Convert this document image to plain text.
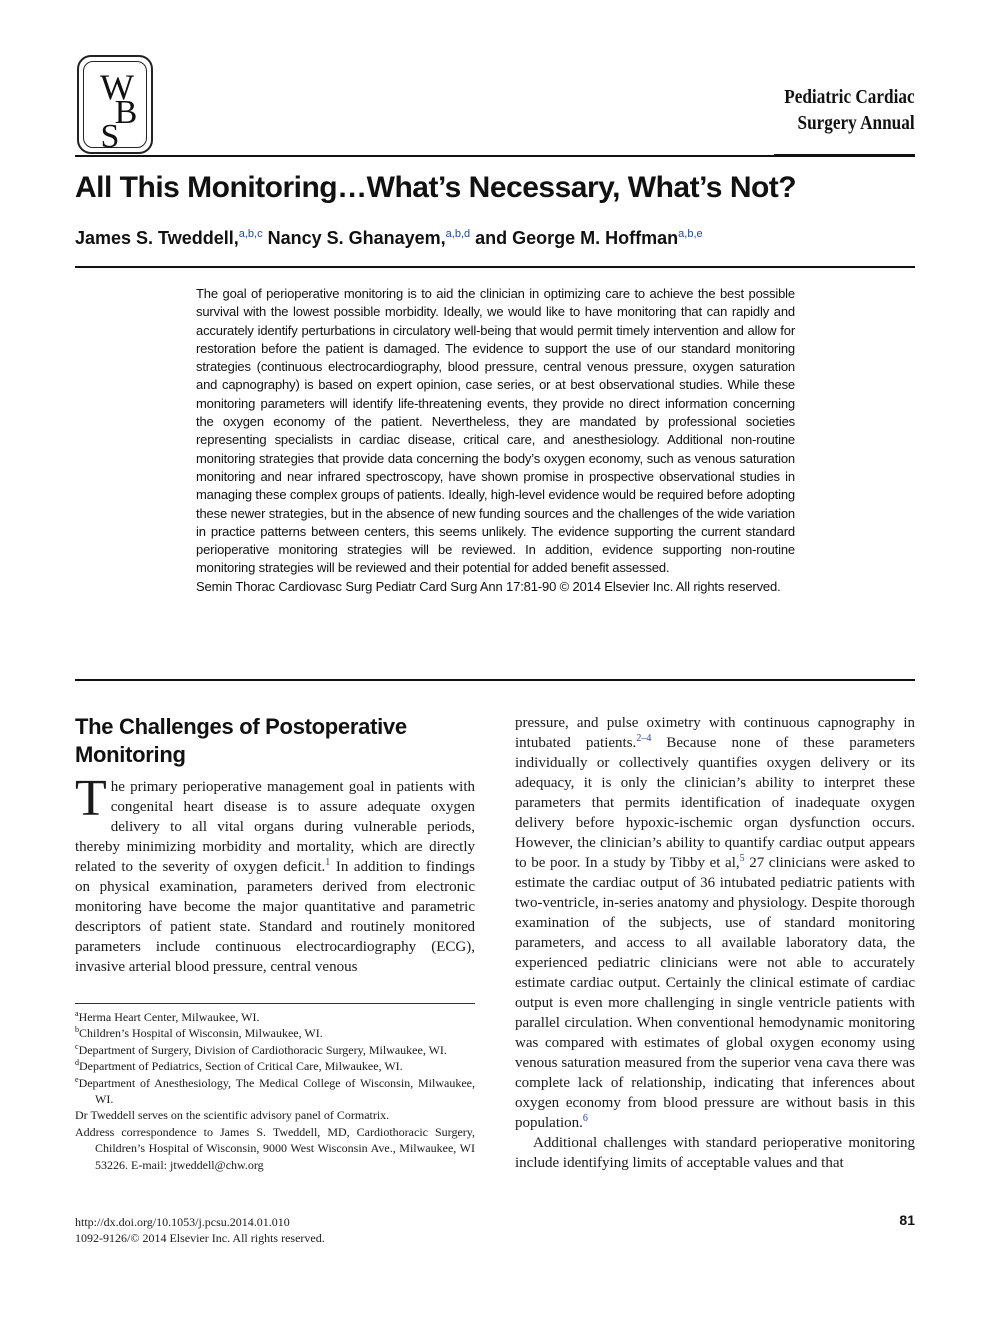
W
B
S
Pediatric Cardiac
Surgery Annual
All This Monitoring…What’s Necessary, What’s Not?
James S. Tweddell,$^{a,b,c}$ Nancy S. Ghanayem,$^{a,b,d}$ and George M. Hoffman$^{a,b,e}$

The goal of perioperative monitoring is to aid the clinician in optimizing care to achieve the best possible survival with the lowest possible morbidity. Ideally, we would like to have monitoring that can rapidly and accurately identify perturbations in circulatory well-being that would permit timely intervention and allow for restoration before the patient is damaged. The evidence to support the use of our standard monitoring strategies (continuous electrocardiography, blood pressure, central venous pressure, oxygen saturation and capnography) is based on expert opinion, case series, or at best observational studies. While these monitoring parameters will identify life-threatening events, they provide no direct information concerning the oxygen economy of the patient. Nevertheless, they are mandated by professional societies representing specialists in cardiac disease, critical care, and anesthesiology. Additional non-routine monitoring strategies that provide data concerning the body’s oxygen economy, such as venous saturation monitoring and near infrared spectroscopy, have shown promise in prospective observational studies in managing these complex groups of patients. Ideally, high-level evidence would be required before adopting these newer strategies, but in the absence of new funding sources and the challenges of the wide variation in practice patterns between centers, this seems unlikely. The evidence supporting the current standard perioperative monitoring strategies will be reviewed. In addition, evidence supporting non-routine monitoring strategies will be reviewed and their potential for added benefit assessed.

Semin Thorac Cardiovasc Surg Pediatr Card Surg Ann 17:81-90 © 2014 Elsevier Inc. All rights reserved.

The Challenges of Postoperative Monitoring

The primary perioperative management goal in patients with congenital heart disease is to assure adequate oxygen delivery to all vital organs during vulnerable periods, thereby minimizing morbidity and mortality, which are directly related to the severity of oxygen deficit.$^1$ In addition to findings on physical examination, parameters derived from electronic monitoring have become the major quantitative and parametric descriptors of patient state. Standard and routinely monitored parameters include continuous electrocardiography (ECG), invasive arterial blood pressure, central venous

pressure, and pulse oximetry with continuous capnography in intubated patients.$^{2-4}$ Because none of these parameters individually or collectively quantifies oxygen delivery or its adequacy, it is only the clinician’s ability to interpret these parameters that permits identification of inadequate oxygen delivery before hypoxic-ischemic organ dysfunction occurs. However, the clinician’s ability to quantify cardiac output appears to be poor. In a study by Tibby et al,$^5$ 27 clinicians were asked to estimate the cardiac output of 36 intubated pediatric patients with two-ventricle, in-series anatomy and physiology. Despite thorough examination of the subjects, use of standard monitoring parameters, and access to all available laboratory data, the experienced pediatric clinicians were not able to accurately estimate cardiac output. Certainly the clinical estimate of cardiac output is even more challenging in single ventricle patients with parallel circulation. When conventional hemodynamic monitoring was compared with estimates of global oxygen economy using venous saturation measured from the superior vena cava there was complete lack of relationship, indicating that inferences about oxygen economy from blood pressure are without basis in this population.$^6$

Additional challenges with standard perioperative monitoring include identifying limits of acceptable values and that

$^a$Herma Heart Center, Milwaukee, WI.

$^b$Children’s Hospital of Wisconsin, Milwaukee, WI.

$^c$Department of Surgery, Division of Cardiothoracic Surgery, Milwaukee, WI.

$^d$Department of Pediatrics, Section of Critical Care, Milwaukee, WI.

$^e$Department of Anesthesiology, The Medical College of Wisconsin, Milwaukee, WI.

Dr Tweddell serves on the scientific advisory panel of Cormatrix.

Address correspondence to James S. Tweddell, MD, Cardiothoracic Surgery, Children’s Hospital of Wisconsin, 9000 West Wisconsin Ave., Milwaukee, WI 53226. E-mail: jtweddell@chw.org

http://dx.doi.org/10.1053/j.pcsu.2014.01.010
1092-9126/© 2014 Elsevier Inc. All rights reserved.
81
